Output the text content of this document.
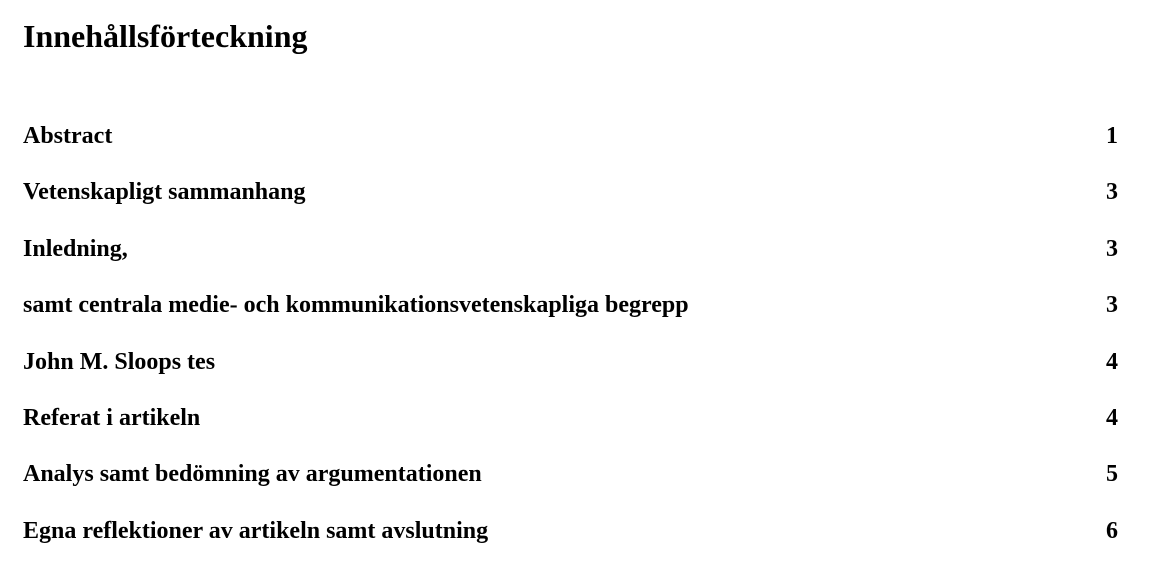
Innehållsförteckning
Abstract	1
Vetenskapligt sammanhang	3
Inledning,	3
samt centrala medie- och kommunikationsvetenskapliga begrepp	3
John M. Sloops tes	4
Referat i artikeln	4
Analys samt bedömning av argumentationen	5
Egna reflektioner av artikeln samt avslutning	6
